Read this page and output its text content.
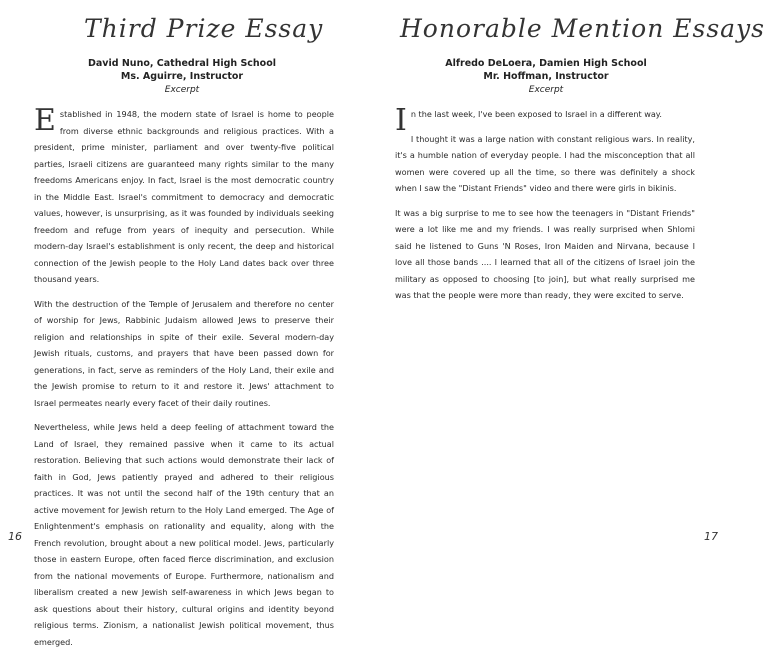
Third Prize Essay
David Nuno, Cathedral High School
Ms. Aguirre, Instructor
Excerpt

Established in 1948, the modern state of Israel is home to people from diverse ethnic backgrounds and religious practices. With a president, prime minister, parliament and over twenty-five political parties, Israeli citizens are guaranteed many rights similar to the many freedoms Americans enjoy. In fact, Israel is the most democratic country in the Middle East. Israel's commitment to democracy and democratic values, however, is unsurprising, as it was founded by individuals seeking freedom and refuge from years of inequity and persecution. While modern-day Israel's establishment is only recent, the deep and historical connection of the Jewish people to the Holy Land dates back over three thousand years.

With the destruction of the Temple of Jerusalem and therefore no center of worship for Jews, Rabbinic Judaism allowed Jews to preserve their religion and relationships in spite of their exile. Several modern-day Jewish rituals, customs, and prayers that have been passed down for generations, in fact, serve as reminders of the Holy Land, their exile and the Jewish promise to return to it and restore it. Jews' attachment to Israel permeates nearly every facet of their daily routines.

Nevertheless, while Jews held a deep feeling of attachment toward the Land of Israel, they remained passive when it came to its actual restoration. Believing that such actions would demonstrate their lack of faith in God, Jews patiently prayed and adhered to their religious practices. It was not until the second half of the 19th century that an active movement for Jewish return to the Holy Land emerged. The Age of Enlightenment's emphasis on rationality and equality, along with the French revolution, brought about a new political model. Jews, particularly those in eastern Europe, often faced fierce discrimination, and exclusion from the national movements of Europe. Furthermore, nationalism and liberalism created a new Jewish self-awareness in which Jews began to ask questions about their history, cultural origins and identity beyond religious terms. Zionism, a nationalist Jewish political movement, thus emerged.

16
Honorable Mention Essays
Alfredo DeLoera, Damien High School
Mr. Hoffman, Instructor
Excerpt

In the last week, I've been exposed to Israel in a different way.

I thought it was a large nation with constant religious wars. In reality, it's a humble nation of everyday people. I had the misconception that all women were covered up all the time, so there was definitely a shock when I saw the "Distant Friends" video and there were girls in bikinis.

It was a big surprise to me to see how the teenagers in "Distant Friends" were a lot like me and my friends. I was really surprised when Shlomi said he listened to Guns 'N Roses, Iron Maiden and Nirvana, because I love all those bands .... I learned that all of the citizens of Israel join the military as opposed to choosing [to join], but what really surprised me was that the people were more than ready, they were excited to serve.

17
